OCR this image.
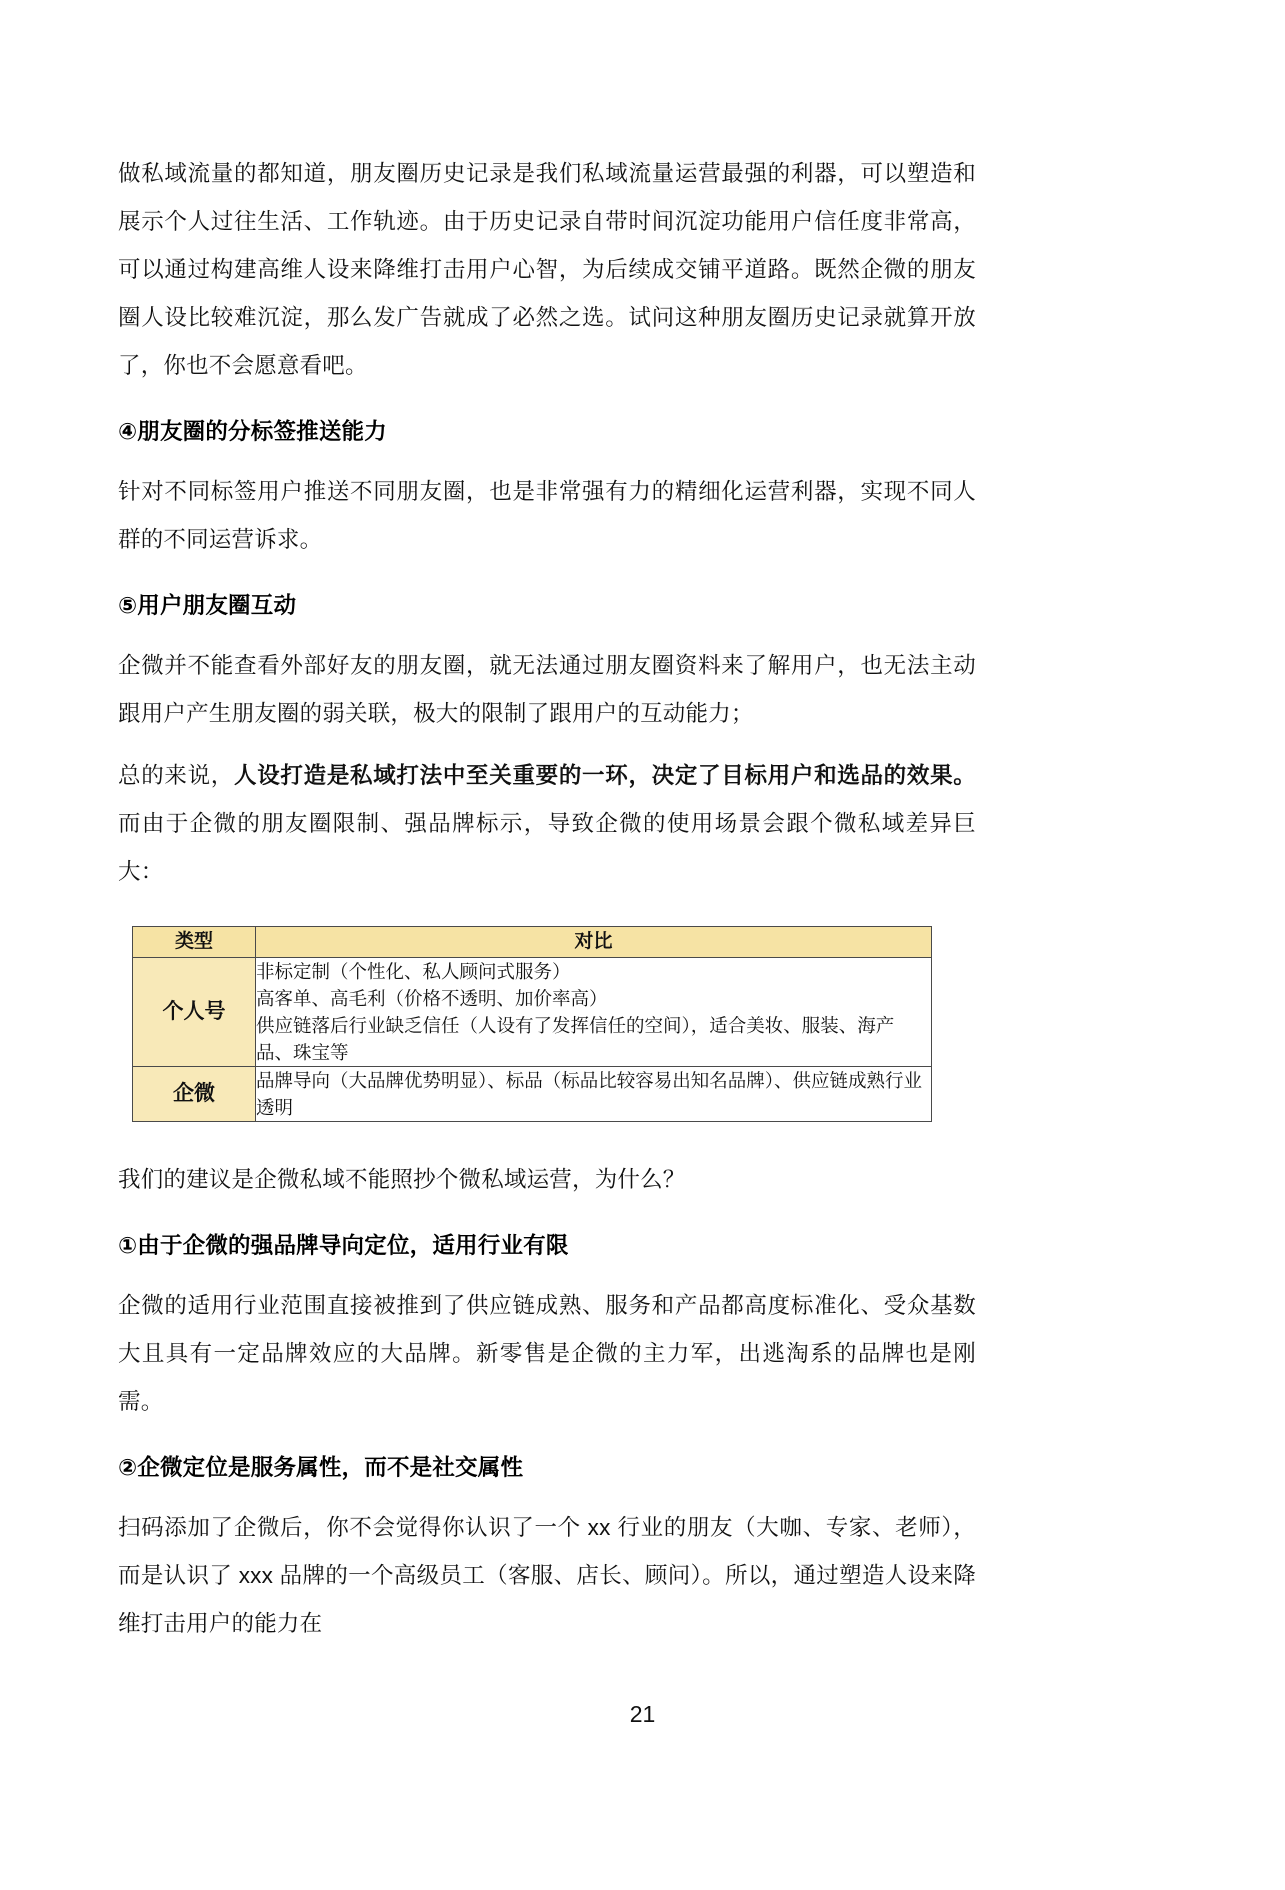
做私域流量的都知道，朋友圈历史记录是我们私域流量运营最强的利器，可以塑造和展示个人过往生活、工作轨迹。由于历史记录自带时间沉淀功能用户信任度非常高，可以通过构建高维人设来降维打击用户心智，为后续成交铺平道路。既然企微的朋友圈人设比较难沉淀，那么发广告就成了必然之选。试问这种朋友圈历史记录就算开放了，你也不会愿意看吧。

④朋友圈的分标签推送能力

针对不同标签用户推送不同朋友圈，也是非常强有力的精细化运营利器，实现不同人群的不同运营诉求。

⑤用户朋友圈互动

企微并不能查看外部好友的朋友圈，就无法通过朋友圈资料来了解用户，也无法主动跟用户产生朋友圈的弱关联，极大的限制了跟用户的互动能力；

总的来说，人设打造是私域打法中至关重要的一环，决定了目标用户和选品的效果。而由于企微的朋友圈限制、强品牌标示，导致企微的使用场景会跟个微私域差异巨大：

类型	对比
个人号	非标定制（个性化、私人顾问式服务）
高客单、高毛利（价格不透明、加价率高）
供应链落后行业缺乏信任（人设有了发挥信任的空间），适合美妆、服装、海产品、珠宝等

企微	品牌导向（大品牌优势明显）、标品（标品比较容易出知名品牌）、供应链成熟行业透明

我们的建议是企微私域不能照抄个微私域运营，为什么？

①由于企微的强品牌导向定位，适用行业有限

企微的适用行业范围直接被推到了供应链成熟、服务和产品都高度标准化、受众基数大且具有一定品牌效应的大品牌。新零售是企微的主力军，出逃淘系的品牌也是刚需。

②企微定位是服务属性，而不是社交属性

扫码添加了企微后，你不会觉得你认识了一个 xx 行业的朋友（大咖、专家、老师），而是认识了 xxx 品牌的一个高级员工（客服、店长、顾问）。所以，通过塑造人设来降维打击用户的能力在

21
